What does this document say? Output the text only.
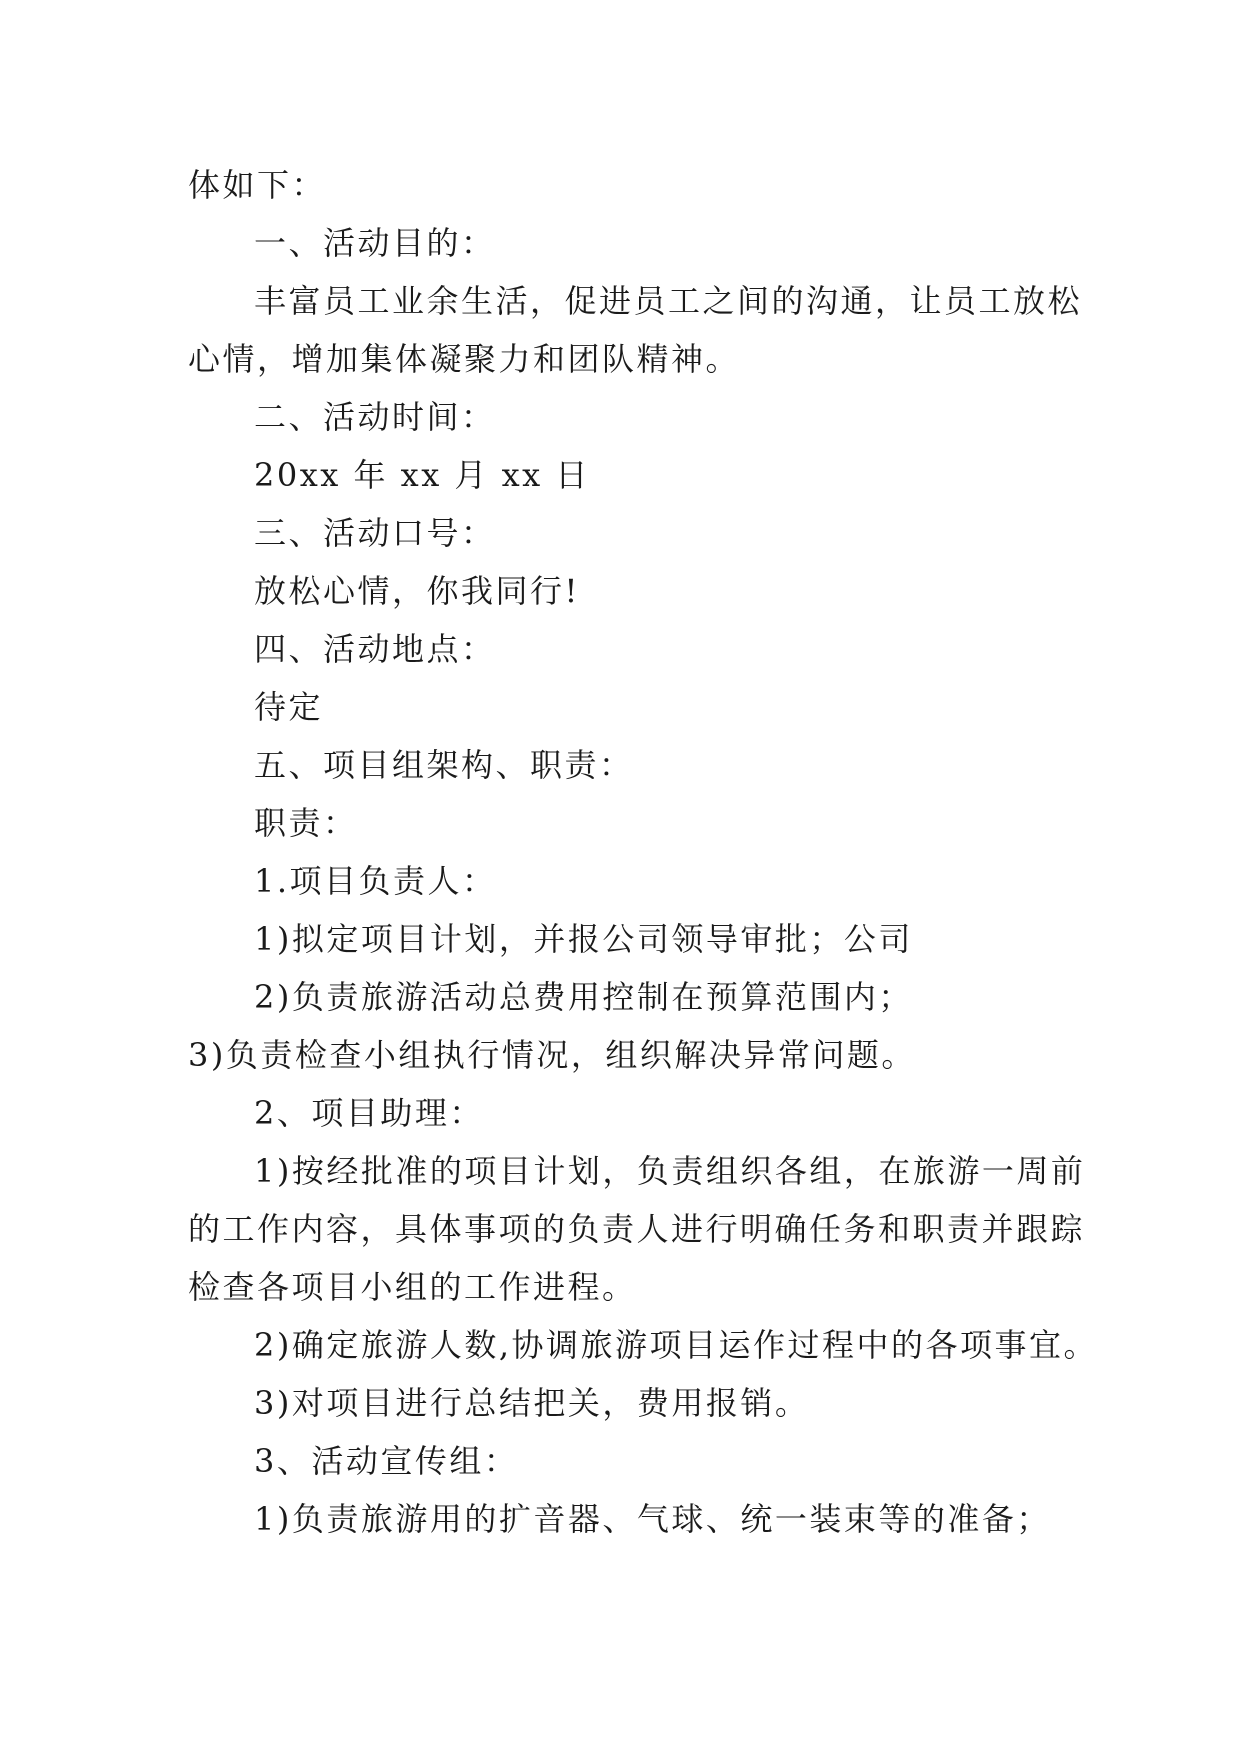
体如下：
一、活动目的：
丰富员工业余生活，促进员工之间的沟通，让员工放松
心情，增加集体凝聚力和团队精神。
二、活动时间：
20xx 年 xx 月 xx 日
三、活动口号：
放松心情，你我同行!
四、活动地点：
待定
五、项目组架构、职责：
职责：
1.项目负责人：
1)拟定项目计划，并报公司领导审批；公司
2)负责旅游活动总费用控制在预算范围内；
3)负责检查小组执行情况，组织解决异常问题。
2、项目助理：
1)按经批准的项目计划，负责组织各组，在旅游一周前
的工作内容，具体事项的负责人进行明确任务和职责并跟踪
检查各项目小组的工作进程。
2)确定旅游人数,协调旅游项目运作过程中的各项事宜。
3)对项目进行总结把关，费用报销。
3、活动宣传组：
1)负责旅游用的扩音器、气球、统一装束等的准备；
